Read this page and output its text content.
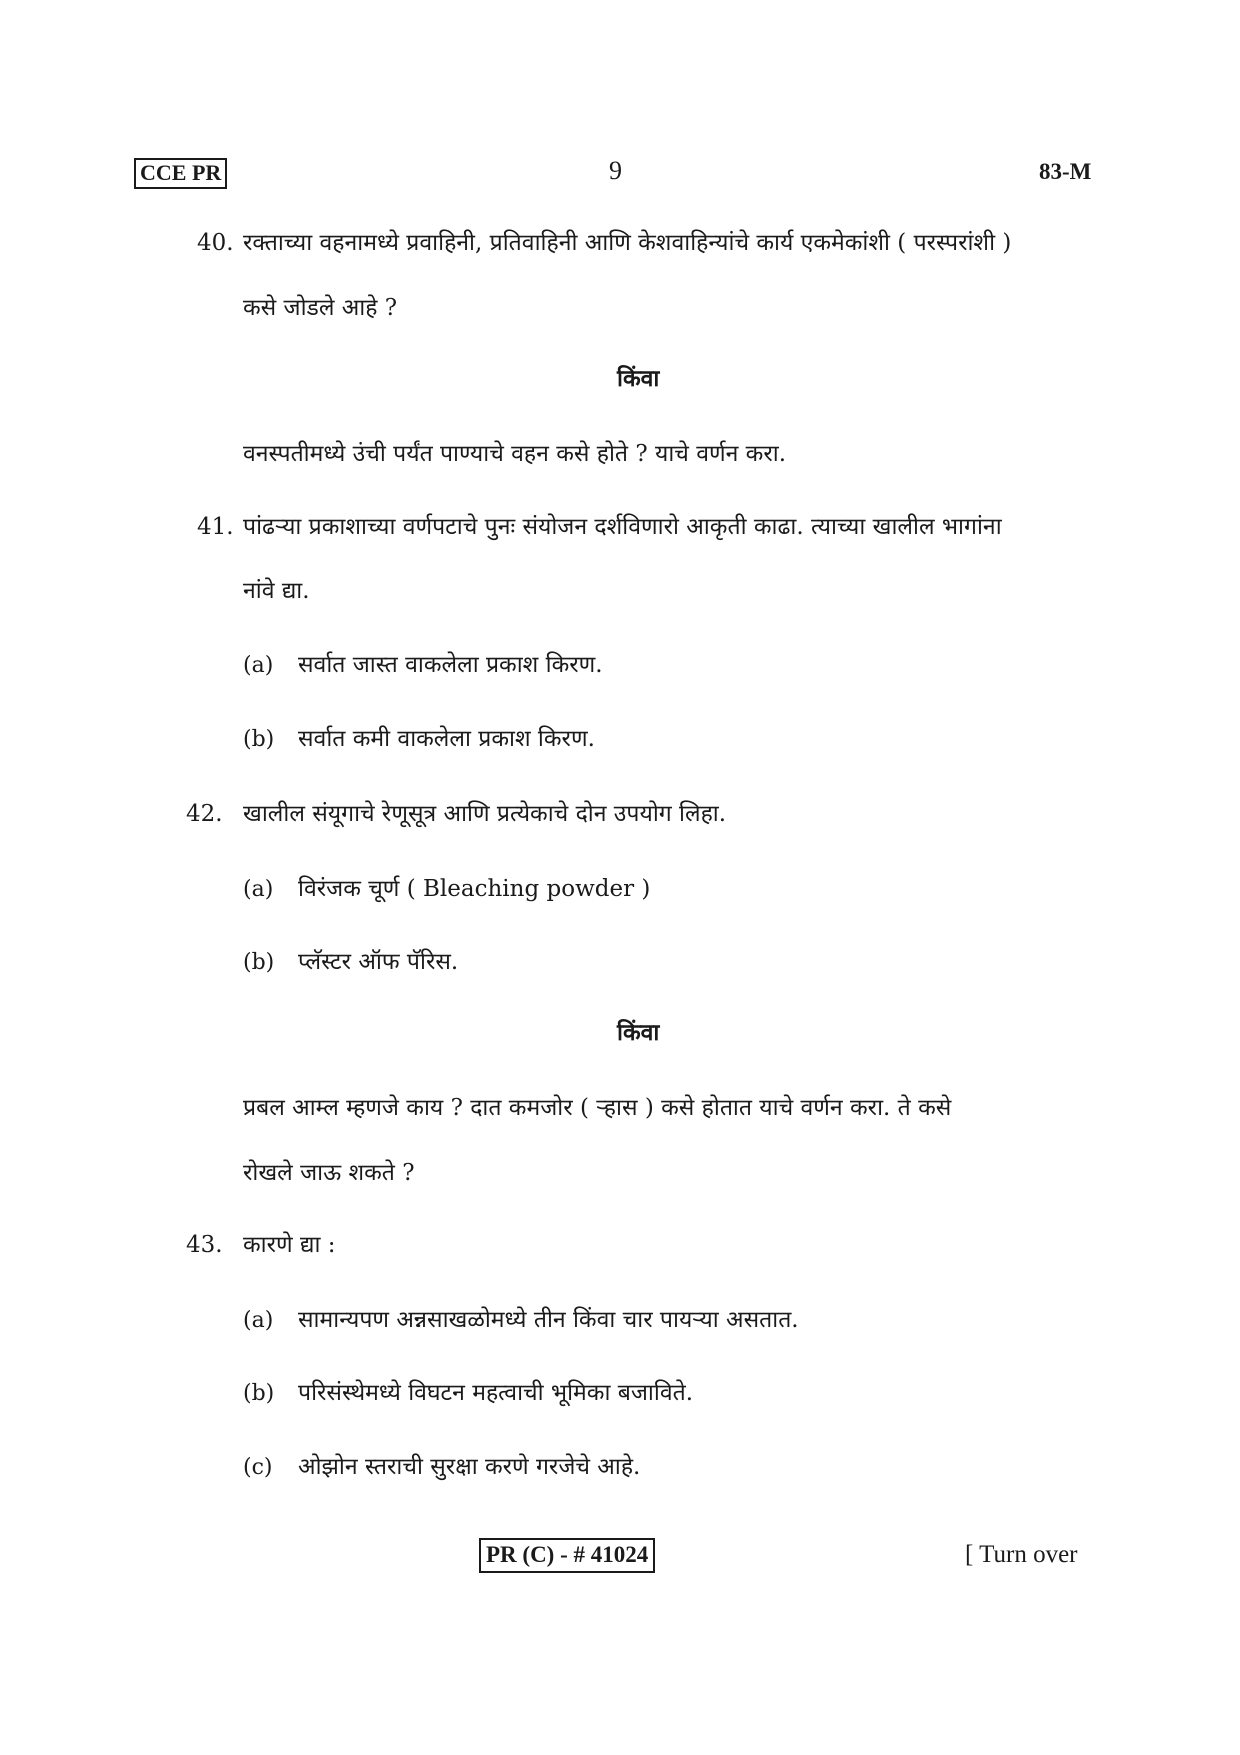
CCE PR	9	83-M
40. रक्ताच्या वहनामध्ये प्रवाहिनी, प्रतिवाहिनी आणि केशवाहिन्यांचे कार्य एकमेकांशी ( परस्परांशी )
कसे जोडले आहे ?
किंवा
वनस्पतीमध्ये उंची पर्यंत पाण्याचे वहन कसे होते ? याचे वर्णन करा.
41. पांढऱ्या प्रकाशाच्या वर्णपटाचे पुनः संयोजन दर्शविणारो आकृती काढा. त्याच्या खालील भागांना
नांवे द्या.
(a) सर्वात जास्त वाकलेला प्रकाश किरण.
(b) सर्वात कमी वाकलेला प्रकाश किरण.
42. खालील संयूगाचे रेणूसूत्र आणि प्रत्येकाचे दोन उपयोग लिहा.
(a) विरंजक चूर्ण ( Bleaching powder )
(b) प्लॅस्टर ऑफ पॅरिस.
किंवा
प्रबल आम्ल म्हणजे काय ? दात कमजोर ( ऱ्हास ) कसे होतात याचे वर्णन करा. ते कसे
रोखले जाऊ शकते ?
43. कारणे द्या :
(a) सामान्यपण अन्नसाखळोमध्ये तीन किंवा चार पायऱ्या असतात.
(b) परिसंस्थेमध्ये विघटन महत्वाची भूमिका बजाविते.
(c) ओझोन स्तराची सुरक्षा करणे गरजेचे आहे.
PR (C) - # 41024	[ Turn over
